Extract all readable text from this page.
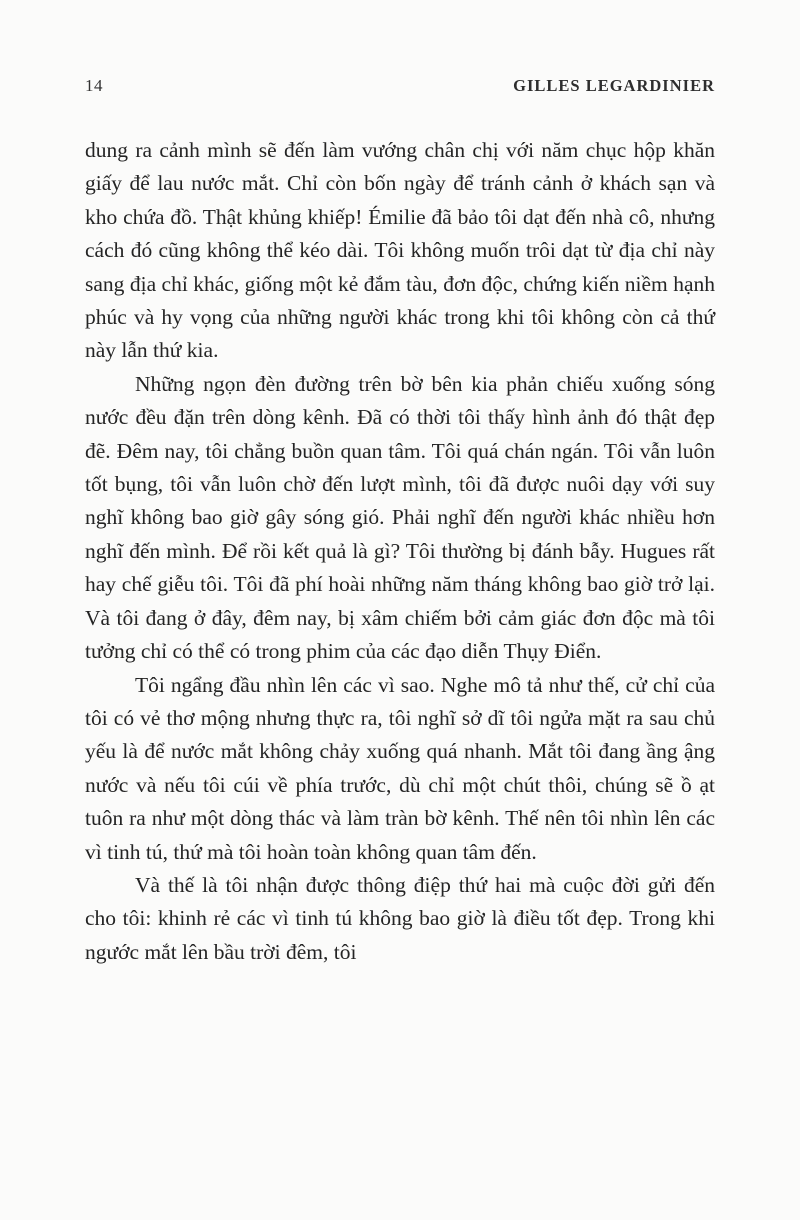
14	GILLES LEGARDINIER

dung ra cảnh mình sẽ đến làm vướng chân chị với năm chục hộp khăn giấy để lau nước mắt. Chỉ còn bốn ngày để tránh cảnh ở khách sạn và kho chứa đồ. Thật khủng khiếp! Émilie đã bảo tôi dạt đến nhà cô, nhưng cách đó cũng không thể kéo dài. Tôi không muốn trôi dạt từ địa chỉ này sang địa chỉ khác, giống một kẻ đắm tàu, đơn độc, chứng kiến niềm hạnh phúc và hy vọng của những người khác trong khi tôi không còn cả thứ này lẫn thứ kia.

Những ngọn đèn đường trên bờ bên kia phản chiếu xuống sóng nước đều đặn trên dòng kênh. Đã có thời tôi thấy hình ảnh đó thật đẹp đẽ. Đêm nay, tôi chẳng buồn quan tâm. Tôi quá chán ngán. Tôi vẫn luôn tốt bụng, tôi vẫn luôn chờ đến lượt mình, tôi đã được nuôi dạy với suy nghĩ không bao giờ gây sóng gió. Phải nghĩ đến người khác nhiều hơn nghĩ đến mình. Để rồi kết quả là gì? Tôi thường bị đánh bẫy. Hugues rất hay chế giễu tôi. Tôi đã phí hoài những năm tháng không bao giờ trở lại. Và tôi đang ở đây, đêm nay, bị xâm chiếm bởi cảm giác đơn độc mà tôi tưởng chỉ có thể có trong phim của các đạo diễn Thụy Điển.

Tôi ngẩng đầu nhìn lên các vì sao. Nghe mô tả như thế, cử chỉ của tôi có vẻ thơ mộng nhưng thực ra, tôi nghĩ sở dĩ tôi ngửa mặt ra sau chủ yếu là để nước mắt không chảy xuống quá nhanh. Mắt tôi đang ầng ậng nước và nếu tôi cúi về phía trước, dù chỉ một chút thôi, chúng sẽ ồ ạt tuôn ra như một dòng thác và làm tràn bờ kênh. Thế nên tôi nhìn lên các vì tinh tú, thứ mà tôi hoàn toàn không quan tâm đến.

Và thế là tôi nhận được thông điệp thứ hai mà cuộc đời gửi đến cho tôi: khinh rẻ các vì tinh tú không bao giờ là điều tốt đẹp. Trong khi ngước mắt lên bầu trời đêm, tôi
